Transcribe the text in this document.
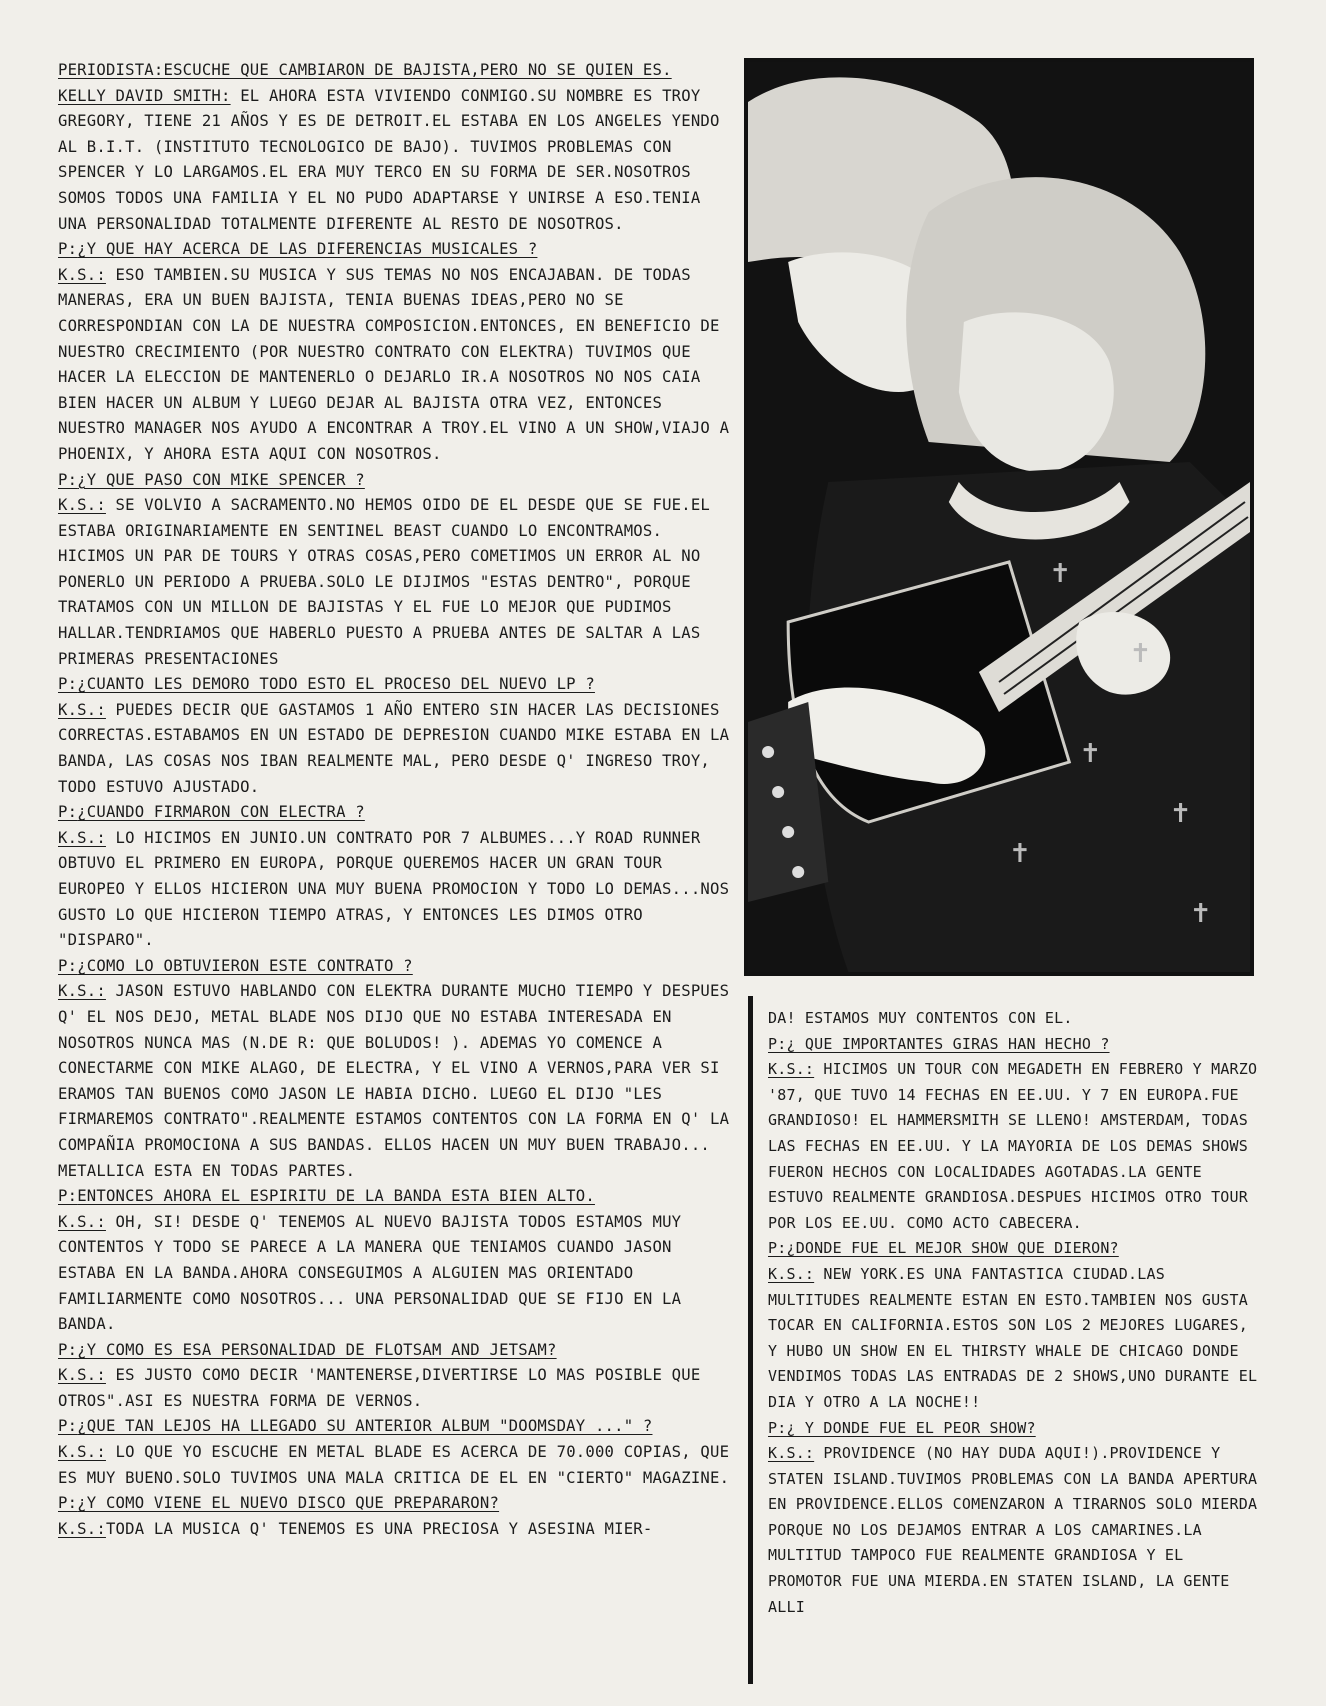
PERIODISTA:ESCUCHE QUE CAMBIARON DE BAJISTA,PERO NO SE QUIEN ES.

KELLY DAVID SMITH: EL AHORA ESTA VIVIENDO CONMIGO.SU NOMBRE ES TROY GREGORY, TIENE 21 AÑOS Y ES DE DETROIT.EL ESTABA EN LOS ANGELES YENDO AL B.I.T. (INSTITUTO TECNOLOGICO DE BAJO). TUVIMOS PROBLEMAS CON SPENCER Y LO LARGAMOS.EL ERA MUY TERCO EN SU FORMA DE SER.NOSOTROS SOMOS TODOS UNA FAMILIA Y EL NO PUDO ADAPTARSE Y UNIRSE A ESO.TENIA UNA PERSONALIDAD TOTALMENTE DIFERENTE AL RESTO DE NOSOTROS.

P:¿Y QUE HAY ACERCA DE LAS DIFERENCIAS MUSICALES ?

K.S.: ESO TAMBIEN.SU MUSICA Y SUS TEMAS NO NOS ENCAJABAN. DE TODAS MANERAS, ERA UN BUEN BAJISTA, TENIA BUENAS IDEAS,PERO NO SE CORRESPONDIAN CON LA DE NUESTRA COMPOSICION.ENTONCES, EN BENEFICIO DE NUESTRO CRECIMIENTO (POR NUESTRO CONTRATO CON ELEKTRA) TUVIMOS QUE HACER LA ELECCION DE MANTENERLO O DEJARLO IR.A NOSOTROS NO NOS CAIA BIEN HACER UN ALBUM Y LUEGO DEJAR AL BAJISTA OTRA VEZ, ENTONCES NUESTRO MANAGER NOS AYUDO A ENCONTRAR A TROY.EL VINO A UN SHOW,VIAJO A PHOENIX, Y AHORA ESTA AQUI CON NOSOTROS.

P:¿Y QUE PASO CON MIKE SPENCER ?

K.S.: SE VOLVIO A SACRAMENTO.NO HEMOS OIDO DE EL DESDE QUE SE FUE.EL ESTABA ORIGINARIAMENTE EN SENTINEL BEAST CUANDO LO ENCONTRAMOS. HICIMOS UN PAR DE TOURS Y OTRAS COSAS,PERO COMETIMOS UN ERROR AL NO PONERLO UN PERIODO A PRUEBA.SOLO LE DIJIMOS "ESTAS DENTRO", PORQUE TRATAMOS CON UN MILLON DE BAJISTAS Y EL FUE LO MEJOR QUE PUDIMOS HALLAR.TENDRIAMOS QUE HABERLO PUESTO A PRUEBA ANTES DE SALTAR A LAS PRIMERAS PRESENTACIONES

P:¿CUANTO LES DEMORO TODO ESTO EL PROCESO DEL NUEVO LP ?

K.S.: PUEDES DECIR QUE GASTAMOS 1 AÑO ENTERO SIN HACER LAS DECISIONES CORRECTAS.ESTABAMOS EN UN ESTADO DE DEPRESION CUANDO MIKE ESTABA EN LA BANDA, LAS COSAS NOS IBAN REALMENTE MAL, PERO DESDE Q' INGRESO TROY, TODO ESTUVO AJUSTADO.

P:¿CUANDO FIRMARON CON ELECTRA ?

K.S.: LO HICIMOS EN JUNIO.UN CONTRATO POR 7 ALBUMES...Y ROAD RUNNER OBTUVO EL PRIMERO EN EUROPA, PORQUE QUEREMOS HACER UN GRAN TOUR EUROPEO Y ELLOS HICIERON UNA MUY BUENA PROMOCION Y TODO LO DEMAS...NOS GUSTO LO QUE HICIERON TIEMPO ATRAS, Y ENTONCES LES DIMOS OTRO "DISPARO".

P:¿COMO LO OBTUVIERON ESTE CONTRATO ?

K.S.: JASON ESTUVO HABLANDO CON ELEKTRA DURANTE MUCHO TIEMPO Y DESPUES Q' EL NOS DEJO, METAL BLADE NOS DIJO QUE NO ESTABA INTERESADA EN NOSOTROS NUNCA MAS (N.DE R: QUE BOLUDOS! ). ADEMAS YO COMENCE A CONECTARME CON MIKE ALAGO, DE ELECTRA, Y EL VINO A VERNOS,PARA VER SI ERAMOS TAN BUENOS COMO JASON LE HABIA DICHO. LUEGO EL DIJO "LES FIRMAREMOS CONTRATO".REALMENTE ESTAMOS CONTENTOS CON LA FORMA EN Q' LA COMPAÑIA PROMOCIONA A SUS BANDAS. ELLOS HACEN UN MUY BUEN TRABAJO... METALLICA ESTA EN TODAS PARTES.

P:ENTONCES AHORA EL ESPIRITU DE LA BANDA ESTA BIEN ALTO.

K.S.: OH, SI! DESDE Q' TENEMOS AL NUEVO BAJISTA TODOS ESTAMOS MUY CONTENTOS Y TODO SE PARECE A LA MANERA QUE TENIAMOS CUANDO JASON ESTABA EN LA BANDA.AHORA CONSEGUIMOS A ALGUIEN MAS ORIENTADO FAMILIARMENTE COMO NOSOTROS... UNA PERSONALIDAD QUE SE FIJO EN LA BANDA.

P:¿Y COMO ES ESA PERSONALIDAD DE FLOTSAM AND JETSAM?

K.S.: ES JUSTO COMO DECIR 'MANTENERSE,DIVERTIRSE LO MAS POSIBLE QUE OTROS".ASI ES NUESTRA FORMA DE VERNOS.

P:¿QUE TAN LEJOS HA LLEGADO SU ANTERIOR ALBUM "DOOMSDAY ..." ?

K.S.: LO QUE YO ESCUCHE EN METAL BLADE ES ACERCA DE 70.000 COPIAS, QUE ES MUY BUENO.SOLO TUVIMOS UNA MALA CRITICA DE EL EN "CIERTO" MAGAZINE.

P:¿Y COMO VIENE EL NUEVO DISCO QUE PREPARARON?

K.S.:TODA LA MUSICA Q' TENEMOS ES UNA PRECIOSA Y ASESINA MIER-

✝
✝
✝
✝
✝
✝

DA! ESTAMOS MUY CONTENTOS CON EL.

P:¿ QUE IMPORTANTES GIRAS HAN HECHO ?

K.S.: HICIMOS UN TOUR CON MEGADETH EN FEBRERO Y MARZO '87, QUE TUVO 14 FECHAS EN EE.UU. Y 7 EN EUROPA.FUE GRANDIOSO! EL HAMMERSMITH SE LLENO! AMSTERDAM, TODAS LAS FECHAS EN EE.UU. Y LA MAYORIA DE LOS DEMAS SHOWS FUERON HECHOS CON LOCALIDADES AGOTADAS.LA GENTE ESTUVO REALMENTE GRANDIOSA.DESPUES HICIMOS OTRO TOUR POR LOS EE.UU. COMO ACTO CABECERA.

P:¿DONDE FUE EL MEJOR SHOW QUE DIERON?

K.S.: NEW YORK.ES UNA FANTASTICA CIUDAD.LAS MULTITUDES REALMENTE ESTAN EN ESTO.TAMBIEN NOS GUSTA TOCAR EN CALIFORNIA.ESTOS SON LOS 2 MEJORES LUGARES, Y HUBO UN SHOW EN EL THIRSTY WHALE DE CHICAGO DONDE VENDIMOS TODAS LAS ENTRADAS DE 2 SHOWS,UNO DURANTE EL DIA Y OTRO A LA NOCHE!!

P:¿ Y DONDE FUE EL PEOR SHOW?

K.S.: PROVIDENCE (NO HAY DUDA AQUI!).PROVIDENCE Y STATEN ISLAND.TUVIMOS PROBLEMAS CON LA BANDA APERTURA EN PROVIDENCE.ELLOS COMENZARON A TIRARNOS SOLO MIERDA PORQUE NO LOS DEJAMOS ENTRAR A LOS CAMARINES.LA MULTITUD TAMPOCO FUE REALMENTE GRANDIOSA Y EL PROMOTOR FUE UNA MIERDA.EN STATEN ISLAND, LA GENTE ALLI
